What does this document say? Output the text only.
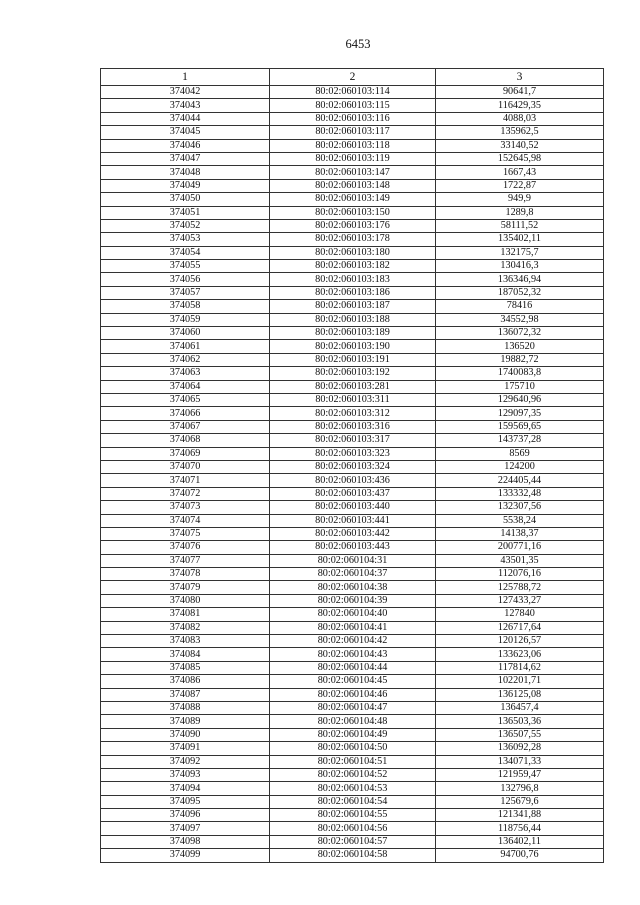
6453
1	2	3
374042	80:02:060103:114	90641,7
374043	80:02:060103:115	116429,35
374044	80:02:060103:116	4088,03
374045	80:02:060103:117	135962,5
374046	80:02:060103:118	33140,52
374047	80:02:060103:119	152645,98
374048	80:02:060103:147	1667,43
374049	80:02:060103:148	1722,87
374050	80:02:060103:149	949,9
374051	80:02:060103:150	1289,8
374052	80:02:060103:176	58111,52
374053	80:02:060103:178	135402,11
374054	80:02:060103:180	132175,7
374055	80:02:060103:182	130416,3
374056	80:02:060103:183	136346,94
374057	80:02:060103:186	187052,32
374058	80:02:060103:187	78416
374059	80:02:060103:188	34552,98
374060	80:02:060103:189	136072,32
374061	80:02:060103:190	136520
374062	80:02:060103:191	19882,72
374063	80:02:060103:192	1740083,8
374064	80:02:060103:281	175710
374065	80:02:060103:311	129640,96
374066	80:02:060103:312	129097,35
374067	80:02:060103:316	159569,65
374068	80:02:060103:317	143737,28
374069	80:02:060103:323	8569
374070	80:02:060103:324	124200
374071	80:02:060103:436	224405,44
374072	80:02:060103:437	133332,48
374073	80:02:060103:440	132307,56
374074	80:02:060103:441	5538,24
374075	80:02:060103:442	14138,37
374076	80:02:060103:443	200771,16
374077	80:02:060104:31	43501,35
374078	80:02:060104:37	112076,16
374079	80:02:060104:38	125788,72
374080	80:02:060104:39	127433,27
374081	80:02:060104:40	127840
374082	80:02:060104:41	126717,64
374083	80:02:060104:42	120126,57
374084	80:02:060104:43	133623,06
374085	80:02:060104:44	117814,62
374086	80:02:060104:45	102201,71
374087	80:02:060104:46	136125,08
374088	80:02:060104:47	136457,4
374089	80:02:060104:48	136503,36
374090	80:02:060104:49	136507,55
374091	80:02:060104:50	136092,28
374092	80:02:060104:51	134071,33
374093	80:02:060104:52	121959,47
374094	80:02:060104:53	132796,8
374095	80:02:060104:54	125679,6
374096	80:02:060104:55	121341,88
374097	80:02:060104:56	118756,44
374098	80:02:060104:57	136402,11
374099	80:02:060104:58	94700,76
